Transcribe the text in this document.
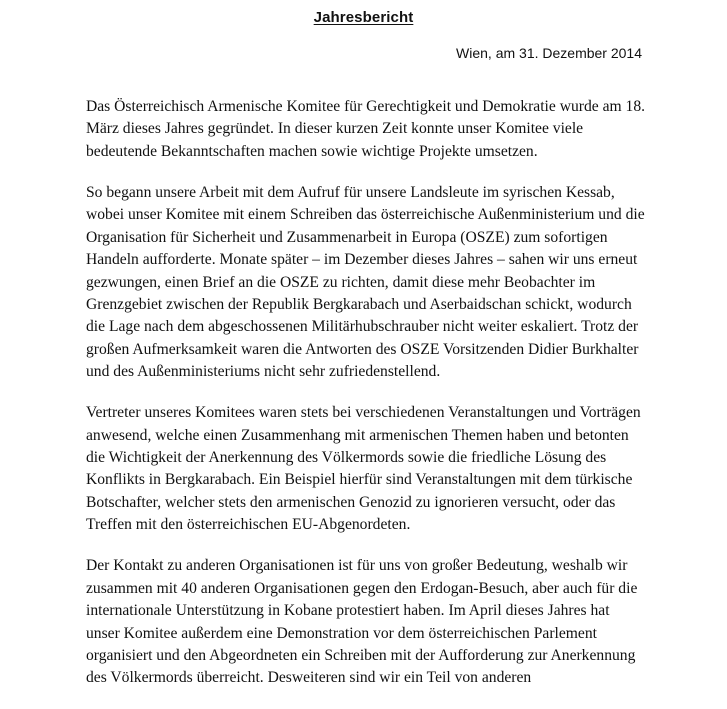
Jahresbericht
Wien, am 31. Dezember 2014

Das Österreichisch Armenische Komitee für Gerechtigkeit und Demokratie wurde am 18.
März dieses Jahres gegründet. In dieser kurzen Zeit konnte unser Komitee viele
bedeutende Bekanntschaften machen sowie wichtige Projekte umsetzen.

So begann unsere Arbeit mit dem Aufruf für unsere Landsleute im syrischen Kessab,
wobei unser Komitee mit einem Schreiben das österreichische Außenministerium und die
Organisation für Sicherheit und Zusammenarbeit in Europa (OSZE) zum sofortigen
Handeln aufforderte. Monate später – im Dezember dieses Jahres – sahen wir uns erneut
gezwungen, einen Brief an die OSZE zu richten, damit diese mehr Beobachter im
Grenzgebiet zwischen der Republik Bergkarabach und Aserbaidschan schickt, wodurch
die Lage nach dem abgeschossenen Militärhubschrauber nicht weiter eskaliert. Trotz der
großen Aufmerksamkeit waren die Antworten des OSZE Vorsitzenden Didier Burkhalter
und des Außenministeriums nicht sehr zufriedenstellend.

Vertreter unseres Komitees waren stets bei verschiedenen Veranstaltungen und Vorträgen
anwesend, welche einen Zusammenhang mit armenischen Themen haben und betonten
die Wichtigkeit der Anerkennung des Völkermords sowie die friedliche Lösung des
Konflikts in Bergkarabach. Ein Beispiel hierfür sind Veranstaltungen mit dem türkische
Botschafter, welcher stets den armenischen Genozid zu ignorieren versucht, oder das
Treffen mit den österreichischen EU-Abgenordeten.

Der Kontakt zu anderen Organisationen ist für uns von großer Bedeutung, weshalb wir
zusammen mit 40 anderen Organisationen gegen den Erdogan-Besuch, aber auch für die
internationale Unterstützung in Kobane protestiert haben. Im April dieses Jahres hat
unser Komitee außerdem eine Demonstration vor dem österreichischen Parlement
organisiert und den Abgeordneten ein Schreiben mit der Aufforderung zur Anerkennung
des Völkermords überreicht. Desweiteren sind wir ein Teil von anderen
